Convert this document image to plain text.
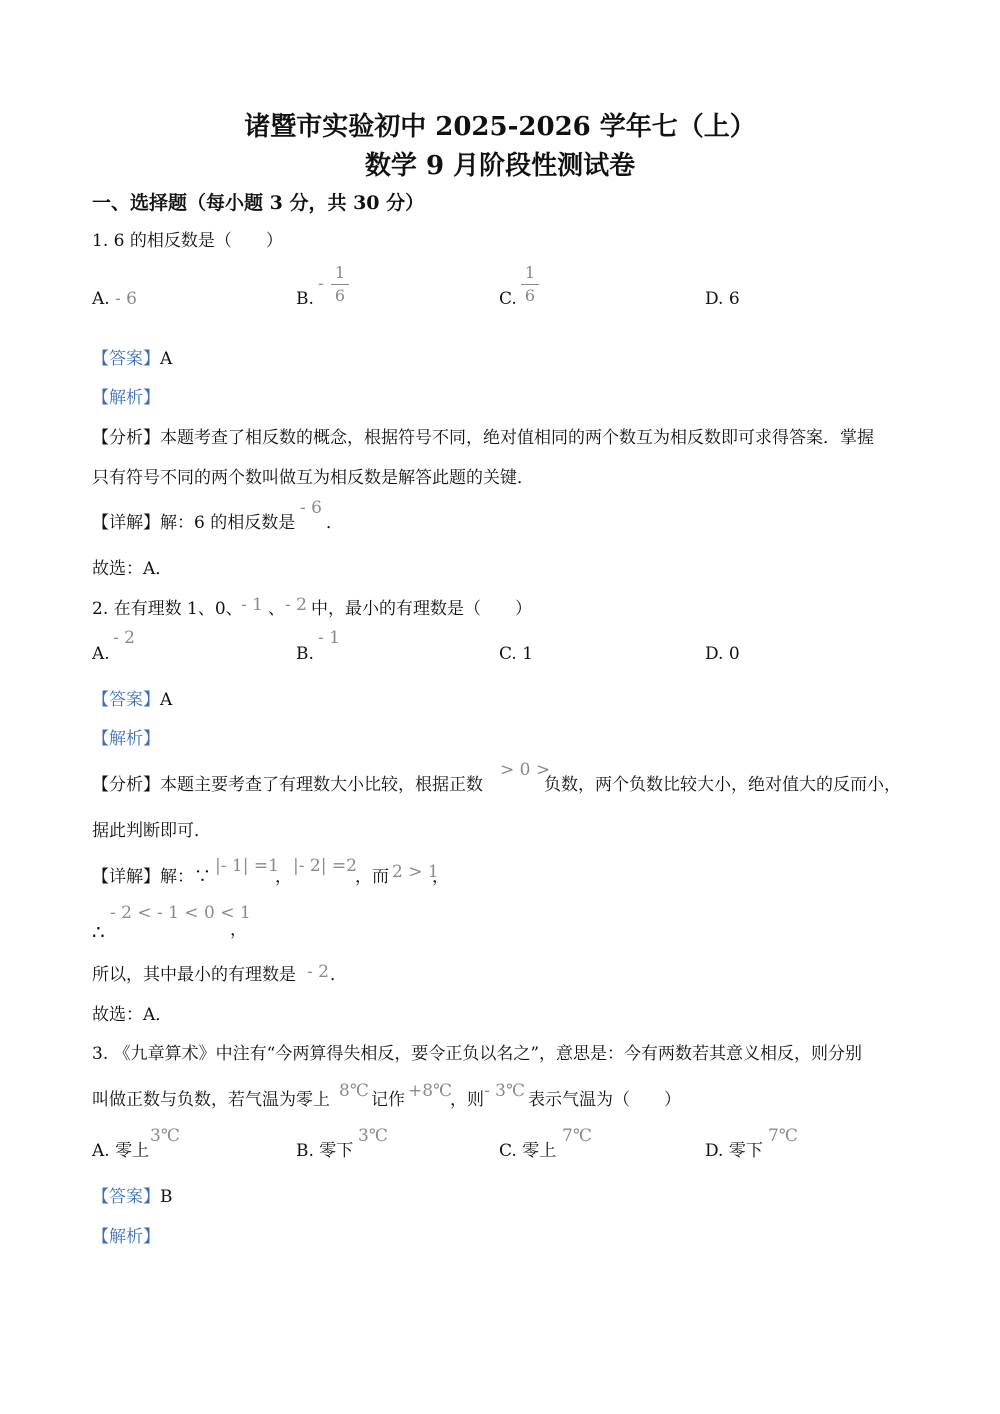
诸暨市实验初中 2025-2026 学年七（上）
数学 9 月阶段性测试卷
一、选择题（每小题 3 分，共 30 分）
1. 6 的相反数是（　　）
A. - 6	B.
-
1
6	C.
1
6	D. 6
【答案】A
【解析】
【分析】本题考查了相反数的概念，根据符号不同，绝对值相同的两个数互为相反数即可求得答案．掌握
只有符号不同的两个数叫做互为相反数是解答此题的关键．
【详解】解：6 的相反数是
- 6
．
故选：A．
2. 在有理数 1、0、
- 1 、 - 2 中，最小的有理数是（　　）
A.
- 2
B.
- 1
C. 1	D. 0
【答案】A
【解析】
【分析】本题主要考查了有理数大小比较，根据正数
> 0 >
负数，两个负数比较大小，绝对值大的反而小，
据此判断即可．
【详解】解：∵
|- 1| =1
，
|- 2| =2
，而 2 > 1
，
∴
- 2 < - 1 < 0 < 1
，
所以，其中最小的有理数是 - 2 ．
故选：A．
3. 《九章算术》中注有“今两算得失相反，要令正负以名之”，意思是：今有两数若其意义相反，则分别
叫做正数与负数，若气温为零上 8℃ 记作 +8℃
，则 - 3℃ 表示气温为（　　）
A. 零上
3℃
B. 零下
3℃
C. 零上
7℃
D. 零下
7℃
【答案】B
【解析】
